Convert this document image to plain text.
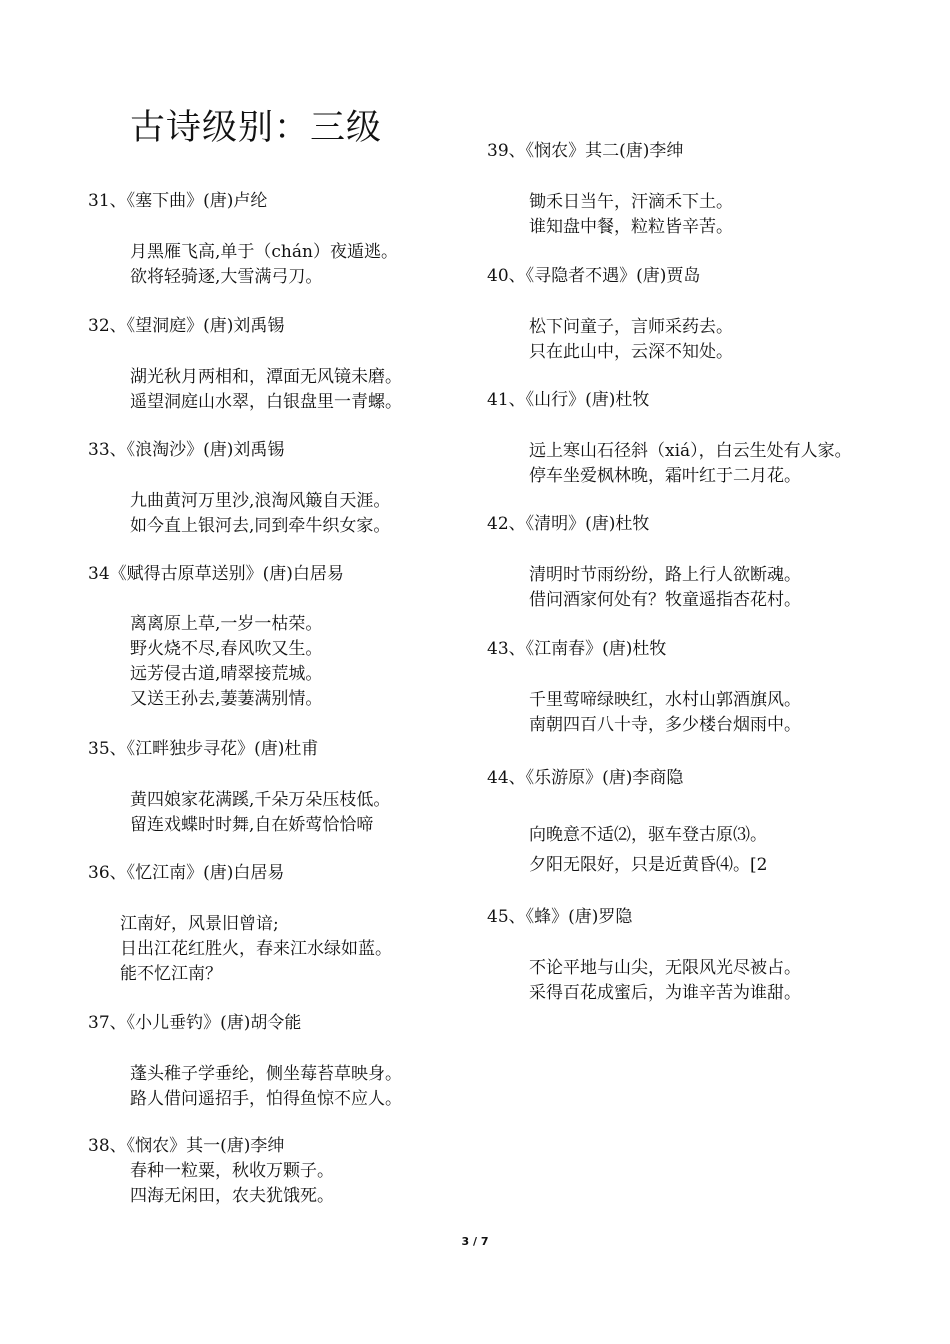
古诗级别：三级
31、《塞下曲》(唐)卢纶
月黑雁飞高,单于（chán）夜遁逃。
欲将轻骑逐,大雪满弓刀。
32、《望洞庭》(唐)刘禹锡
湖光秋月两相和，潭面无风镜未磨。
遥望洞庭山水翠，白银盘里一青螺。
33、《浪淘沙》(唐)刘禹锡
九曲黄河万里沙,浪淘风簸自天涯。
如今直上银河去,同到牵牛织女家。
34《赋得古原草送别》(唐)白居易
离离原上草,一岁一枯荣。
野火烧不尽,春风吹又生。
远芳侵古道,晴翠接荒城。
又送王孙去,萋萋满别情。
35、《江畔独步寻花》(唐)杜甫
黄四娘家花满蹊,千朵万朵压枝低。
留连戏蝶时时舞,自在娇莺恰恰啼
36、《忆江南》(唐)白居易
江南好，风景旧曾谙;
日出江花红胜火，春来江水绿如蓝。
能不忆江南？
37、《小儿垂钓》(唐)胡令能
蓬头稚子学垂纶，侧坐莓苔草映身。
路人借问遥招手，怕得鱼惊不应人。
38、《悯农》其一(唐)李绅
春种一粒粟，秋收万颗子。
四海无闲田，农夫犹饿死。
39、《悯农》其二(唐)李绅
锄禾日当午，汗滴禾下土。
谁知盘中餐，粒粒皆辛苦。
40、《寻隐者不遇》(唐)贾岛
松下问童子，言师采药去。
只在此山中，云深不知处。
41、《山行》(唐)杜牧
远上寒山石径斜（xiá），白云生处有人家。
停车坐爱枫林晚，霜叶红于二月花。
42、《清明》(唐)杜牧
清明时节雨纷纷，路上行人欲断魂。
借问酒家何处有？牧童遥指杏花村。
43、《江南春》(唐)杜牧
千里莺啼绿映红，水村山郭酒旗风。
南朝四百八十寺，多少楼台烟雨中。
44、《乐游原》(唐)李商隐
向晚意不适⑵，驱车登古原⑶。
夕阳无限好，只是近黄昏⑷。[2
45、《蜂》(唐)罗隐
不论平地与山尖，无限风光尽被占。
采得百花成蜜后，为谁辛苦为谁甜。
3 / 7
